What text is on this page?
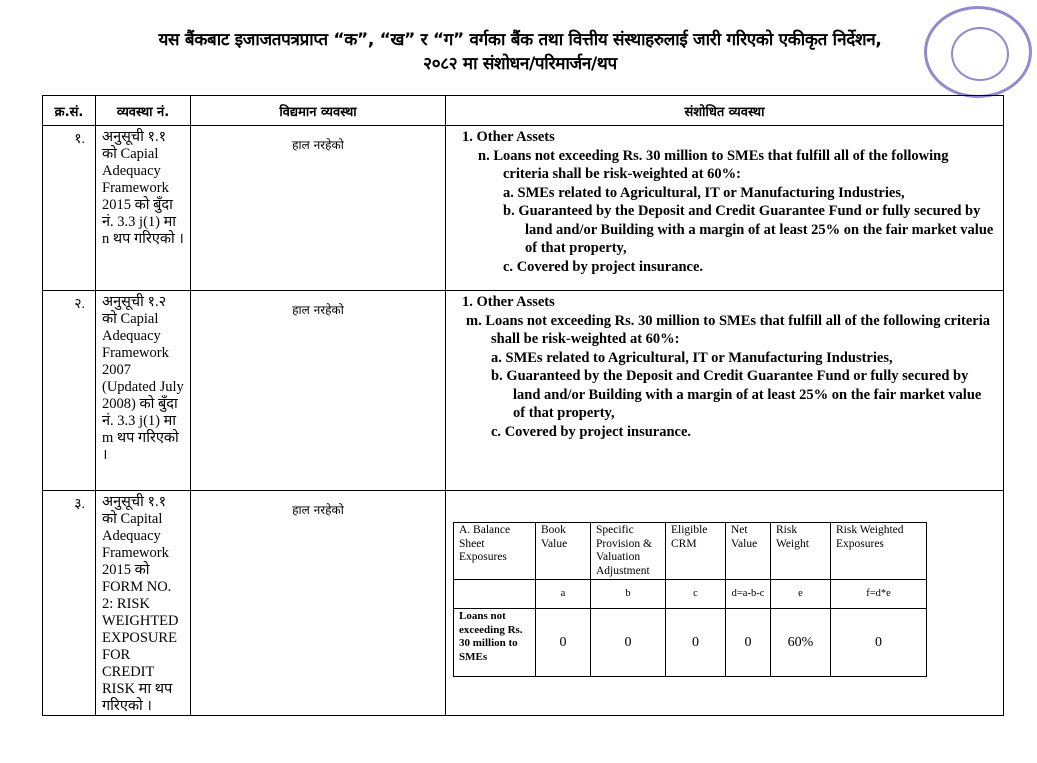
यस बैंकबाट इजाजतपत्रप्राप्त “क”, “ख” र “ग” वर्गका बैंक तथा वित्तीय संस्थाहरुलाई जारी गरिएको एकीकृत निर्देशन,
२०८२ मा संशोधन/परिमार्जन/थप

क्र.सं.	व्यवस्था नं.	विद्यमान व्यवस्था	संशोधित व्यवस्था
१.	अनुसूची १.१ को Capial Adequacy Framework 2015 को बुँदा नं. 3.3 j(1) मा n थप गरिएको ।	हाल नरहेको	1. Other Assets
n. Loans not exceeding Rs. 30 million to SMEs that fulfill all of the following criteria shall be risk-weighted at 60%:
a. SMEs related to Agricultural, IT or Manufacturing Industries,
b. Guaranteed by the Deposit and Credit Guarantee Fund or fully secured by land and/or Building with a margin of at least 25% on the fair market value of that property,
c. Covered by project insurance.

२.	अनुसूची १.२ को Capial Adequacy Framework 2007 (Updated July 2008) को बुँदा नं. 3.3 j(1) मा m थप गरिएको ।	हाल नरहेको	1. Other Assets
m. Loans not exceeding Rs. 30 million to SMEs that fulfill all of the following criteria shall be risk-weighted at 60%:
a. SMEs related to Agricultural, IT or Manufacturing Industries,
b. Guaranteed by the Deposit and Credit Guarantee Fund or fully secured by land and/or Building with a margin of at least 25% on the fair market value of that property,
c. Covered by project insurance.

३.	अनुसूची १.१ को Capital Adequacy Framework 2015 को FORM NO. 2: RISK WEIGHTED EXPOSURE FOR CREDIT RISK मा थप गरिएको ।	हाल नरहेको	
A. Balance Sheet Exposures	Book Value	Specific Provision & Valuation Adjustment	Eligible CRM	Net Value	Risk Weight	Risk Weighted Exposures
	a	b	c	d=a-b-c	e	f=d*e
Loans not exceeding Rs. 30 million to SMEs	0	0	0	0	60%	0
